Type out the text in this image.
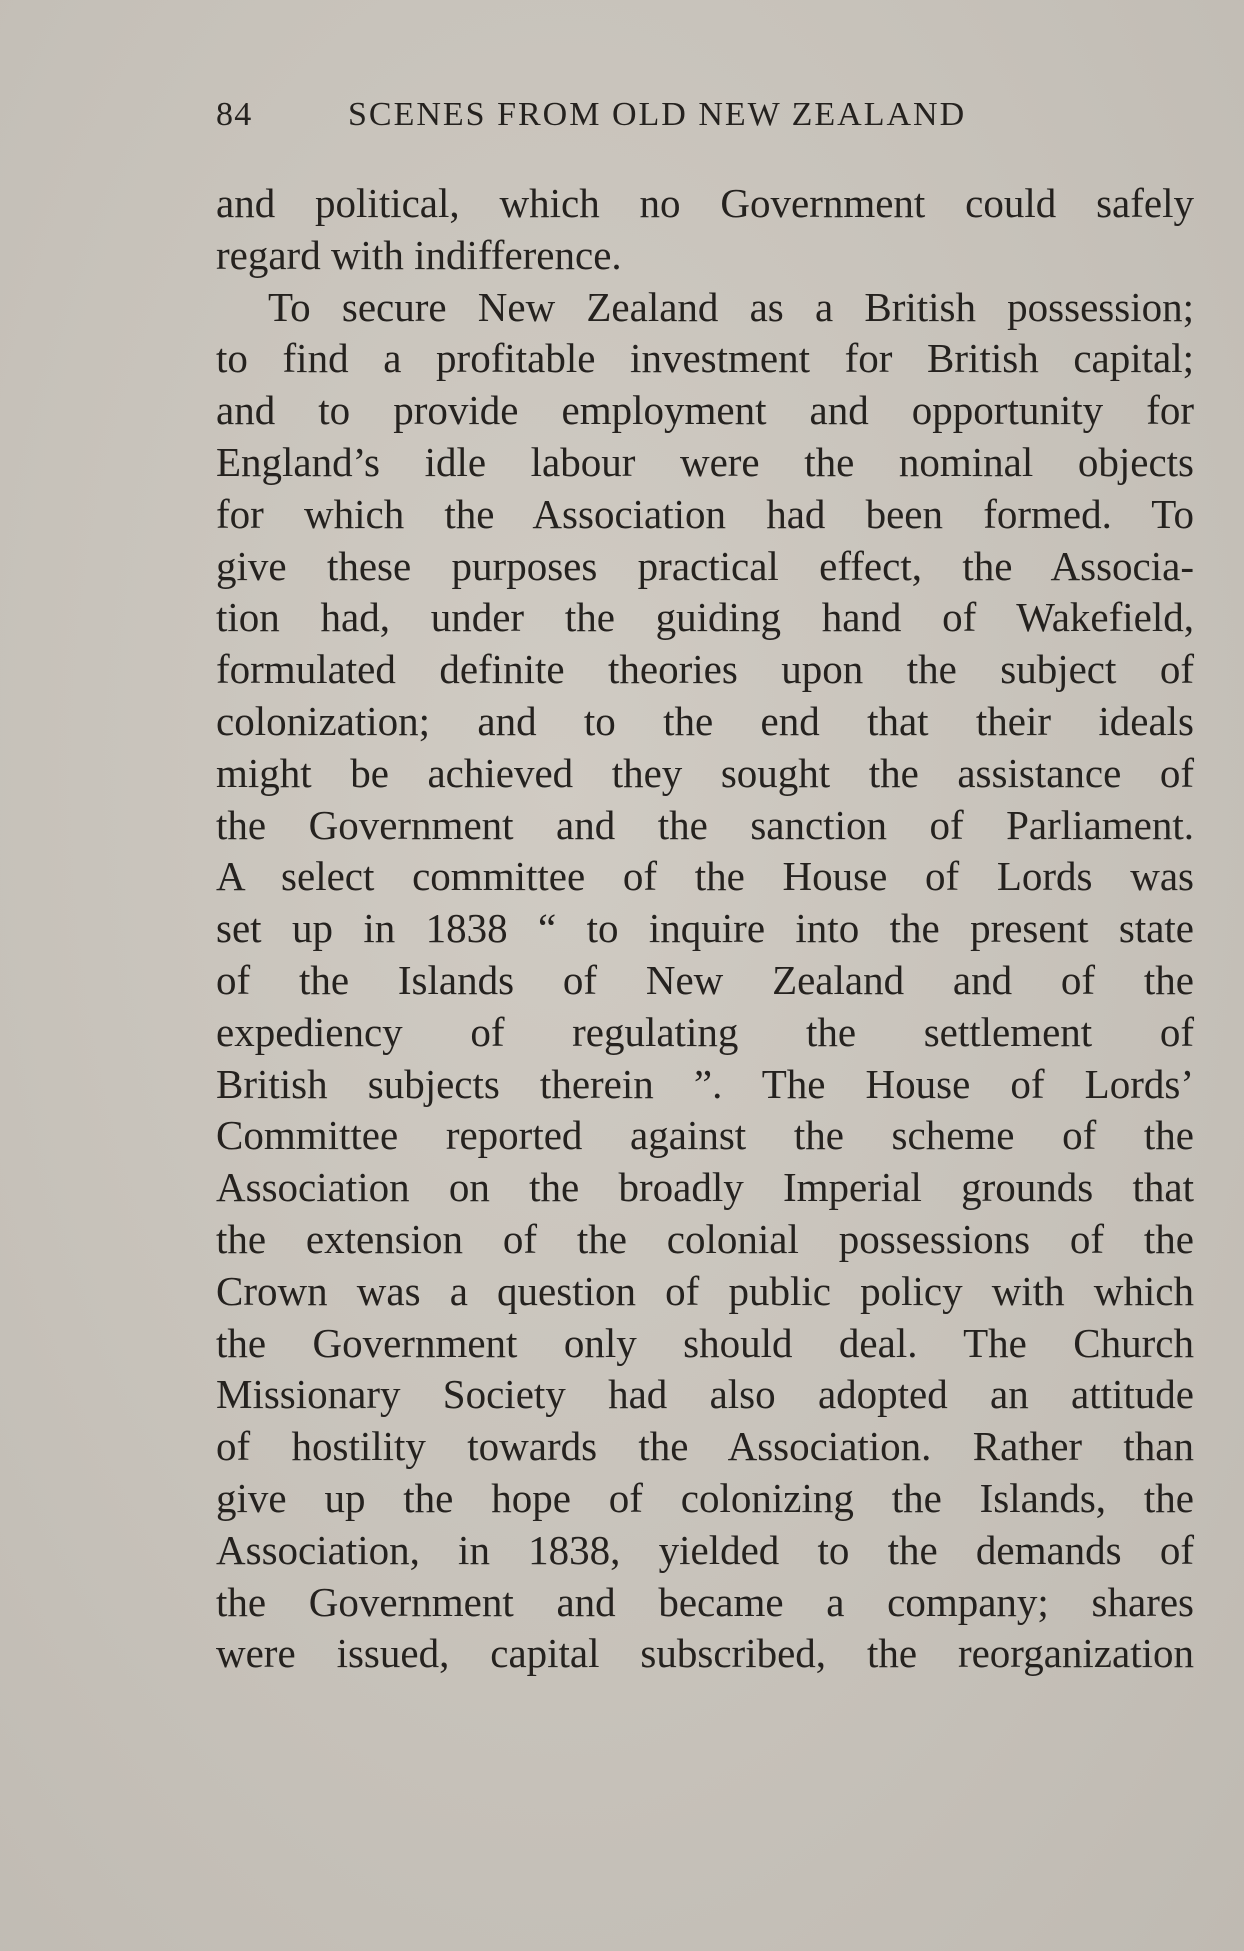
84	SCENES FROM OLD NEW ZEALAND
and political, which no Government could safely
regard with indifference.
To secure New Zealand as a British possession;
to find a profitable investment for British capital;
and to provide employment and opportunity for
England’s idle labour were the nominal objects
for which the Association had been formed. To
give these purposes practical effect, the Associa-
tion had, under the guiding hand of Wakefield,
formulated definite theories upon the subject of
colonization; and to the end that their ideals
might be achieved they sought the assistance of
the Government and the sanction of Parliament.
A select committee of the House of Lords was
set up in 1838 “ to inquire into the present state
of the Islands of New Zealand and of the
expediency of regulating the settlement of
British subjects therein ”. The House of Lords’
Committee reported against the scheme of the
Association on the broadly Imperial grounds that
the extension of the colonial possessions of the
Crown was a question of public policy with which
the Government only should deal. The Church
Missionary Society had also adopted an attitude
of hostility towards the Association. Rather than
give up the hope of colonizing the Islands, the
Association, in 1838, yielded to the demands of
the Government and became a company; shares
were issued, capital subscribed, the reorganization
